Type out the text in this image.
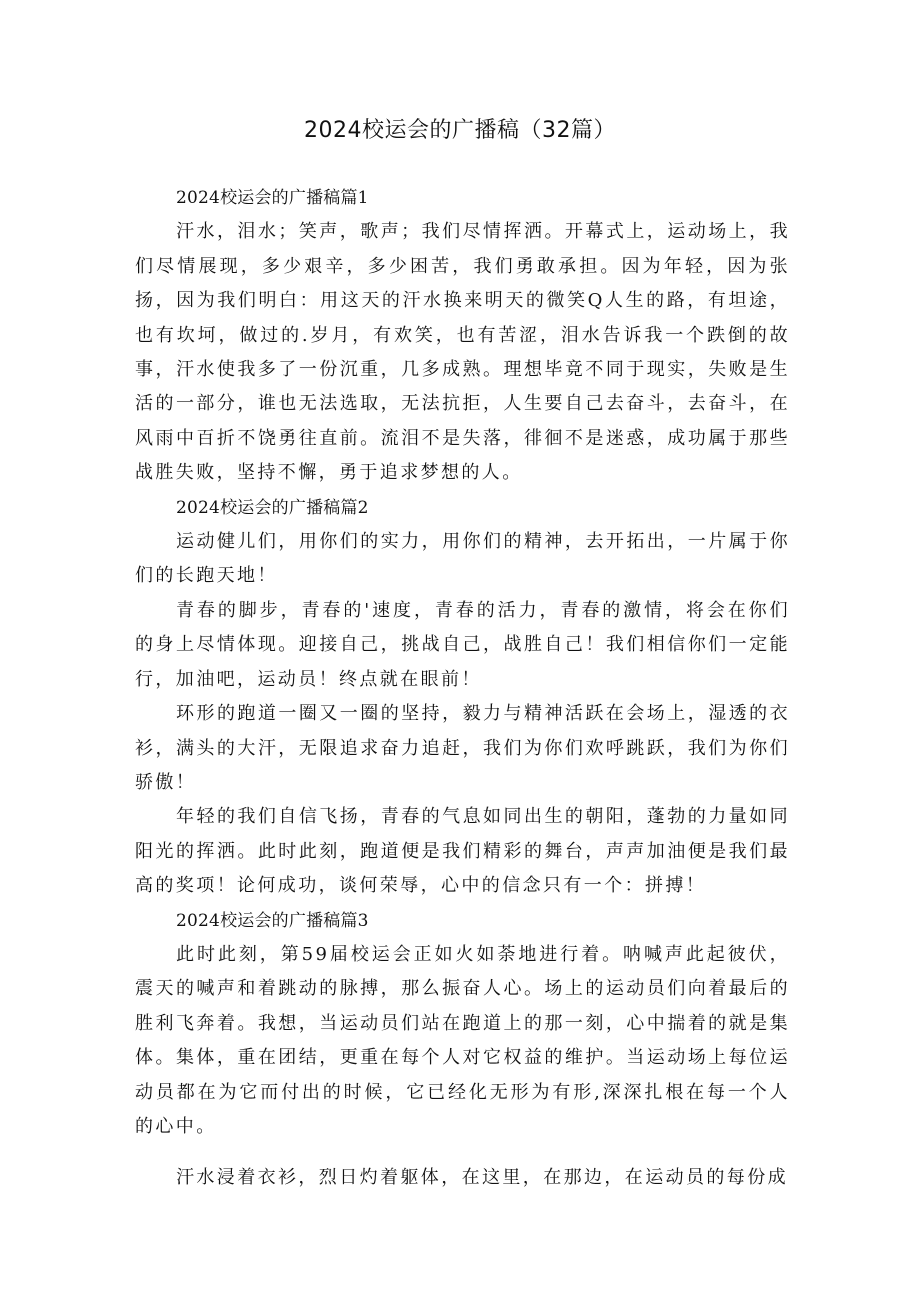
2024校运会的广播稿（32篇）

2024校运会的广播稿篇1

汗水，泪水；笑声，歌声；我们尽情挥洒。开幕式上，运动场上，我们尽情展现，多少艰辛，多少困苦，我们勇敢承担。因为年轻，因为张扬，因为我们明白：用这天的汗水换来明天的微笑Q人生的路，有坦途，也有坎坷，做过的.岁月，有欢笑，也有苦涩，泪水告诉我一个跌倒的故事，汗水使我多了一份沉重，几多成熟。理想毕竟不同于现实，失败是生活的一部分，谁也无法选取，无法抗拒，人生要自己去奋斗，去奋斗，在风雨中百折不饶勇往直前。流泪不是失落，徘徊不是迷惑，成功属于那些战胜失败，坚持不懈，勇于追求梦想的人。

2024校运会的广播稿篇2

运动健儿们，用你们的实力，用你们的精神，去开拓出，一片属于你们的长跑天地！

青春的脚步，青春的'速度，青春的活力，青春的激情，将会在你们的身上尽情体现。迎接自己，挑战自己，战胜自己！我们相信你们一定能行，加油吧，运动员！终点就在眼前！

环形的跑道一圈又一圈的坚持，毅力与精神活跃在会场上，湿透的衣衫，满头的大汗，无限追求奋力追赶，我们为你们欢呼跳跃，我们为你们骄傲！

年轻的我们自信飞扬，青春的气息如同出生的朝阳，蓬勃的力量如同阳光的挥洒。此时此刻，跑道便是我们精彩的舞台，声声加油便是我们最高的奖项！论何成功，谈何荣辱，心中的信念只有一个：拼搏！

2024校运会的广播稿篇3

此时此刻，第59届校运会正如火如荼地进行着。呐喊声此起彼伏，震天的喊声和着跳动的脉搏，那么振奋人心。场上的运动员们向着最后的胜利飞奔着。我想，当运动员们站在跑道上的那一刻，心中揣着的就是集体。集体，重在团结，更重在每个人对它权益的维护。当运动场上每位运动员都在为它而付出的时候，它已经化无形为有形,深深扎根在每一个人的心中。

汗水浸着衣衫，烈日灼着躯体，在这里，在那边，在运动员的每份成
